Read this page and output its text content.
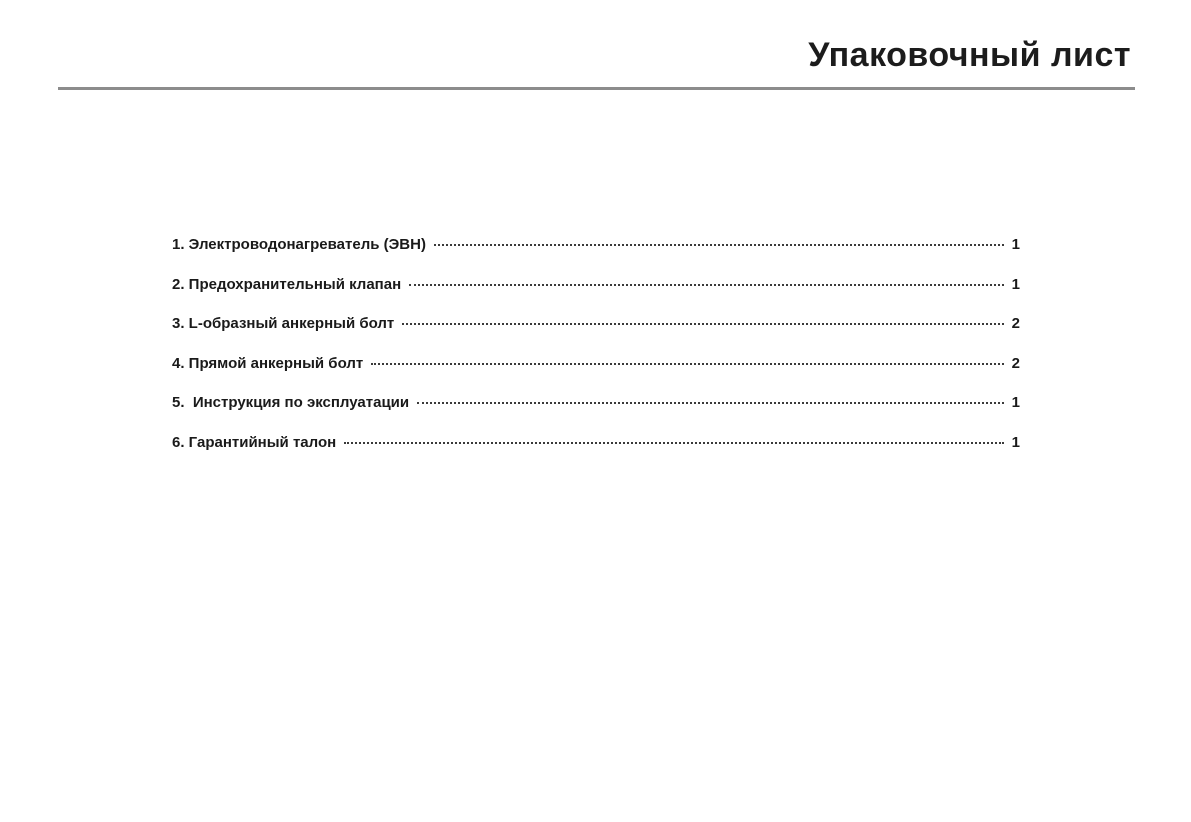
Упаковочный лист
1. Электроводонагреватель (ЭВН)	1
2. Предохранительный клапан	1
3. L-образный анкерный болт	2
4. Прямой анкерный болт	2
5.  Инструкция по эксплуатации	1
6. Гарантийный талон	1
